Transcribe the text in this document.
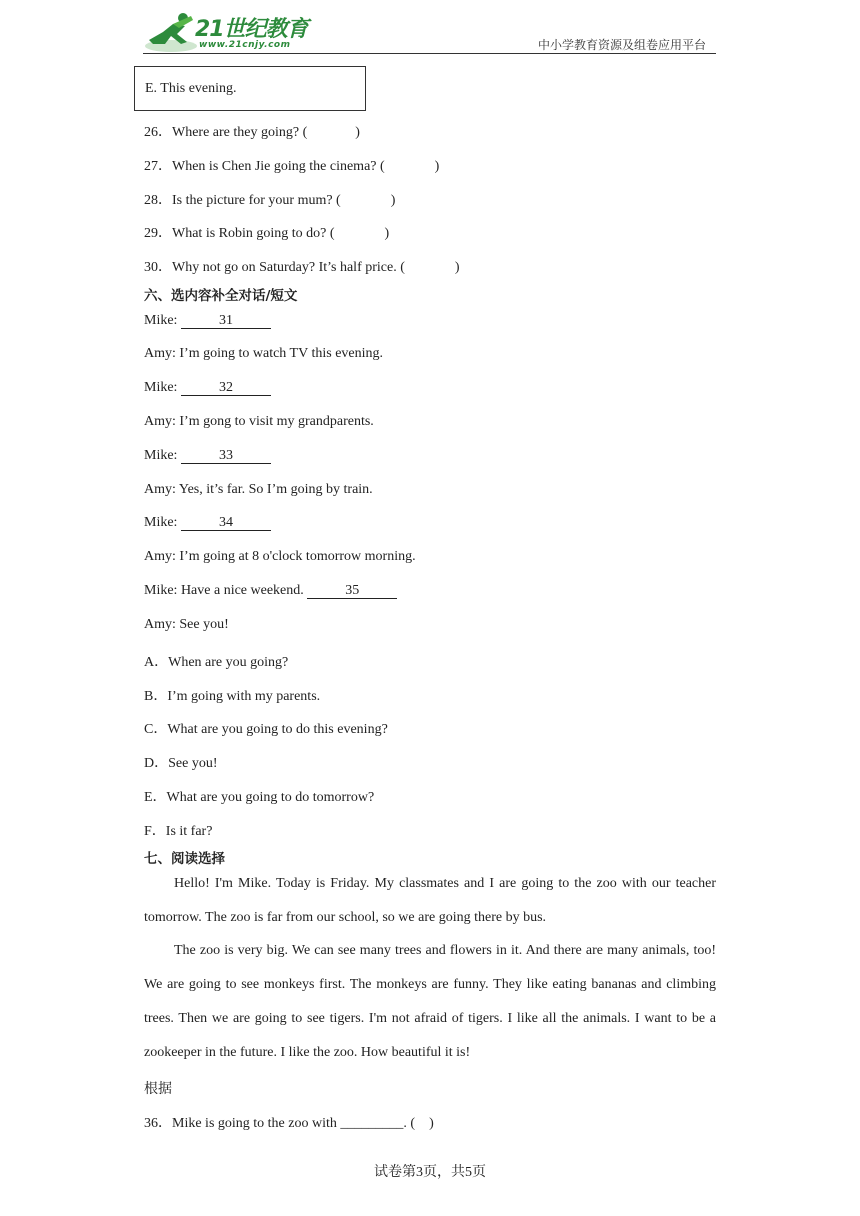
21世纪教育
www.21cnjy.com	中小学教育资源及组卷应用平台
E. This evening.
26．Where are they going? (	)
27．When is Chen Jie going the cinema? (	)
28．Is the picture for your mum? (	)
29．What is Robin going to do? (	)
30．Why not go on Saturday? It’s half price. (	)
六、选内容补全对话/短文
Mike:	31
Amy: I’m going to watch TV this evening.
Mike:	32
Amy: I’m gong to visit my grandparents.
Mike:	33
Amy: Yes, it’s far. So I’m going by train.
Mike:	34
Amy: I’m going at 8 o'clock tomorrow morning.
Mike: Have a nice weekend.	35
Amy: See you!
A．When are you going?
B．I’m going with my parents.
C．What are you going to do this evening?
D．See you!
E．What are you going to do tomorrow?
F．Is it far?
七、阅读选择

Hello! I'm Mike. Today is Friday. My classmates and I are going to the zoo with our teacher tomorrow. The zoo is far from our school, so we are going there by bus.

The zoo is very big. We can see many trees and flowers in it. And there are many animals, too! We are going to see monkeys first. The monkeys are funny. They like eating bananas and climbing trees. Then we are going to see tigers. I'm not afraid of tigers. I like all the animals. I want to be a zookeeper in the future. I like the zoo. How beautiful it is!

根据
36．Mike is going to the zoo with _________. ( )
试卷第3页，共5页
